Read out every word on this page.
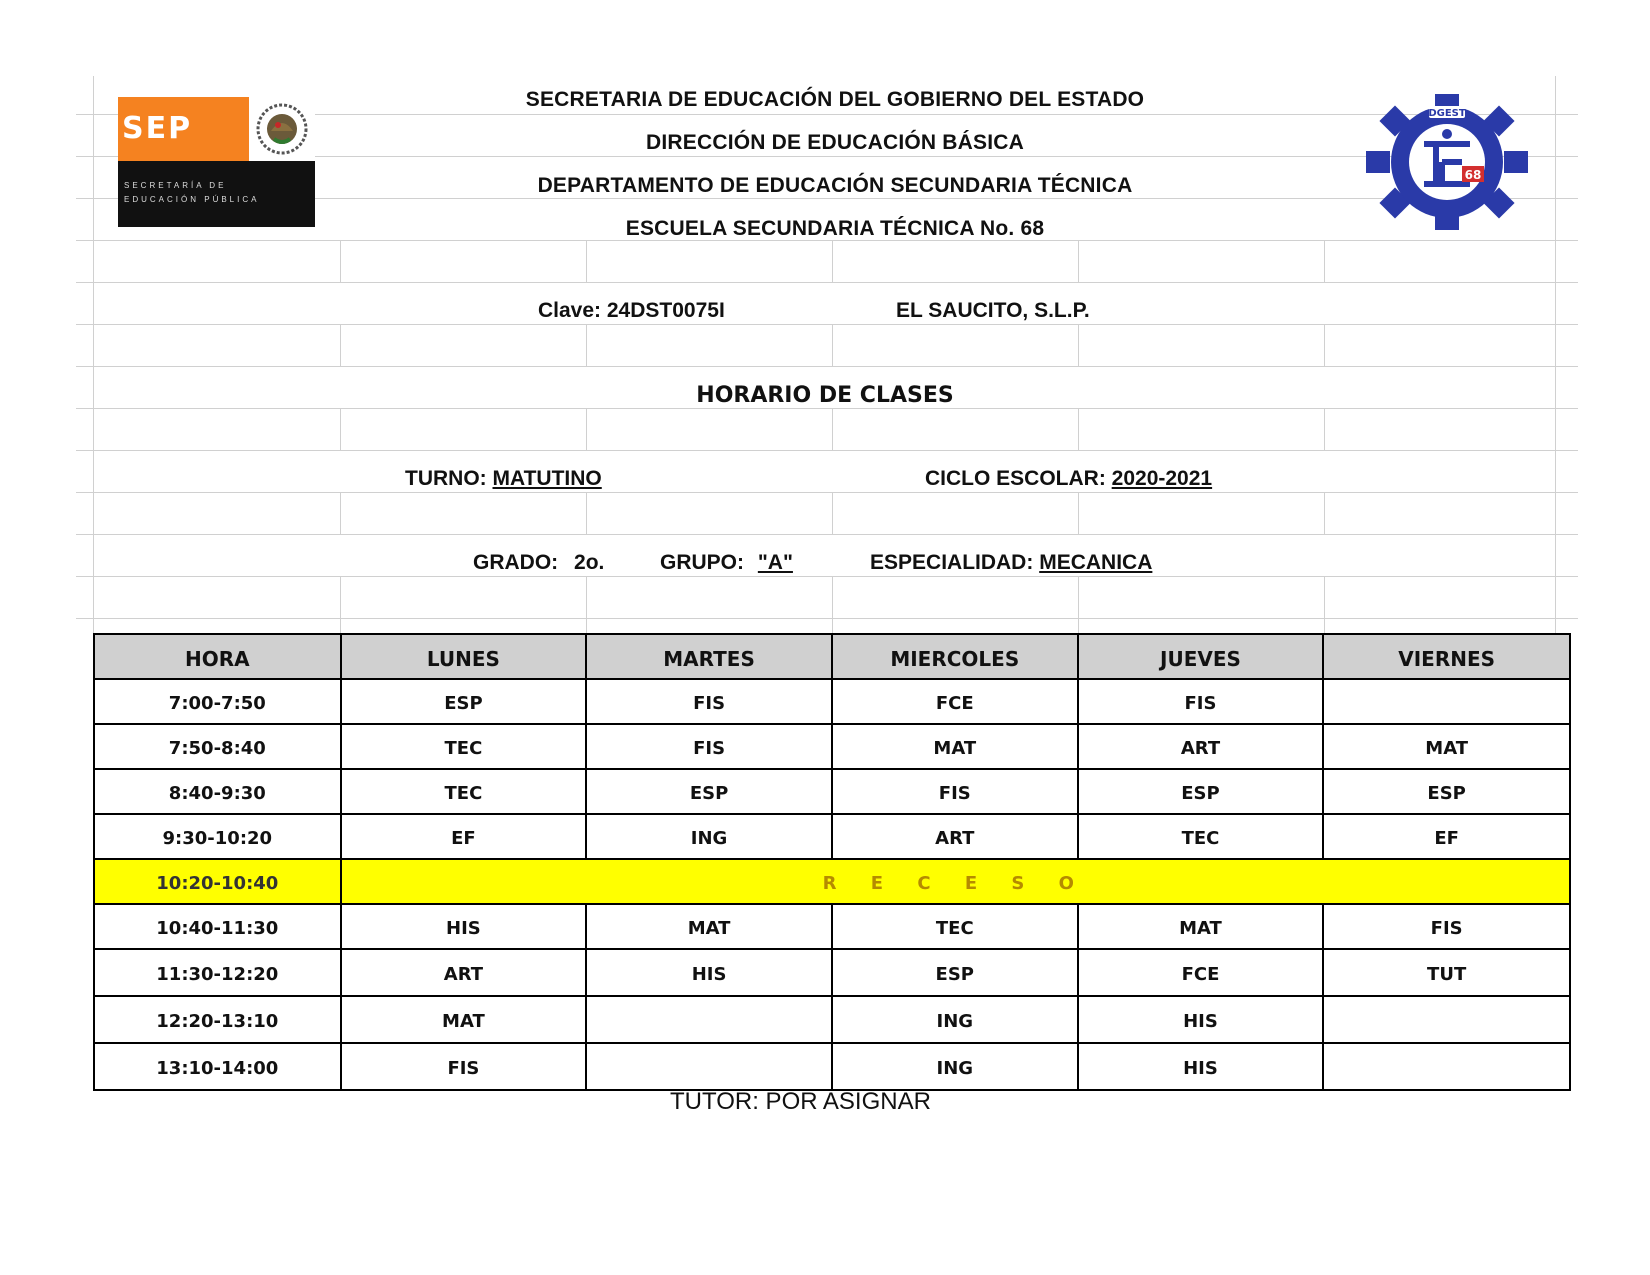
SEP
SECRETARÍA DE
EDUCACIÓN PÚBLICA
SECRETARIA DE EDUCACIÓN DEL GOBIERNO DEL ESTADO
DIRECCIÓN DE EDUCACIÓN BÁSICA
DEPARTAMENTO DE EDUCACIÓN SECUNDARIA TÉCNICA
ESCUELA SECUNDARIA TÉCNICA No. 68
DGEST
68
Clave: 24DST0075I	EL SAUCITO, S.L.P.
HORARIO DE CLASES
TURNO: MATUTINO	CICLO ESCOLAR: 2020-2021
GRADO: 2o.	GRUPO: "A"	ESPECIALIDAD: MECANICA
HORA	LUNES	MARTES	MIERCOLES	JUEVES	VIERNES
7:00-7:50	ESP	FIS	FCE	FIS	
7:50-8:40	TEC	FIS	MAT	ART	MAT
8:40-9:30	TEC	ESP	FIS	ESP	ESP
9:30-10:20	EF	ING	ART	TEC	EF
10:20-10:40	R E C E S O				
10:40-11:30	HIS	MAT	TEC	MAT	FIS
11:30-12:20	ART	HIS	ESP	FCE	TUT
12:20-13:10	MAT		ING	HIS	
13:10-14:00	FIS		ING	HIS	
TUTOR: POR ASIGNAR
